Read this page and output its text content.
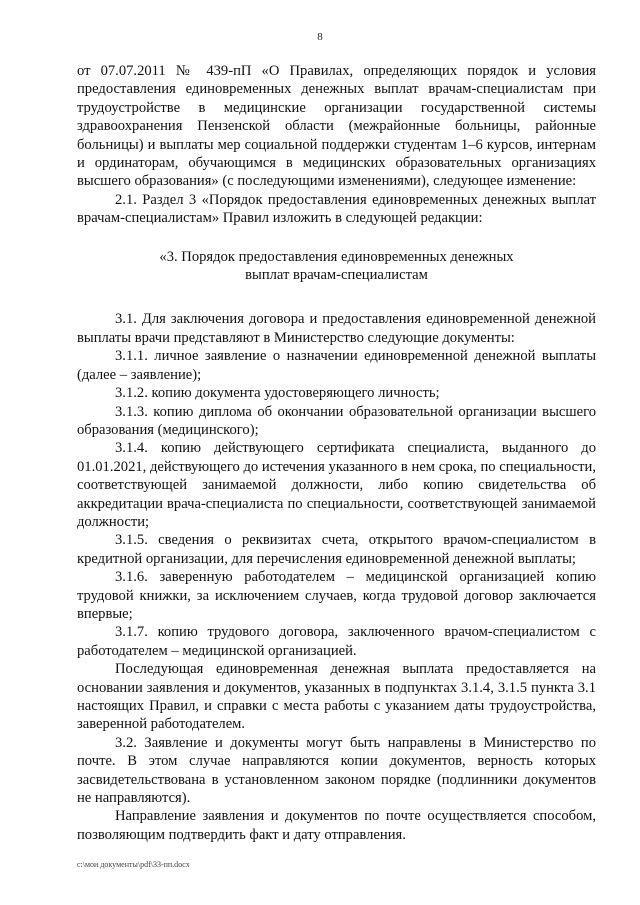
8

от 07.07.2011 № 439-пП «О Правилах, определяющих порядок и условия предоставления единовременных денежных выплат врачам-специалистам при трудоустройстве в медицинские организации государственной системы здравоохранения Пензенской области (межрайонные больницы, районные больницы) и выплаты мер социальной поддержки студентам 1–6 курсов, интернам и ординаторам, обучающимся в медицинских образовательных организациях высшего образования» (с последующими изменениями), следующее изменение:

2.1. Раздел 3 «Порядок предоставления единовременных денежных выплат врачам-специалистам» Правил изложить в следующей редакции:

«3. Порядок предоставления единовременных денежных
выплат врачам-специалистам

3.1. Для заключения договора и предоставления единовременной денежной выплаты врачи представляют в Министерство следующие документы:

3.1.1. личное заявление о назначении единовременной денежной выплаты (далее – заявление);

3.1.2. копию документа удостоверяющего личность;

3.1.3. копию диплома об окончании образовательной организации высшего образования (медицинского);

3.1.4. копию действующего сертификата специалиста, выданного до 01.01.2021, действующего до истечения указанного в нем срока, по специальности, соответствующей занимаемой должности, либо копию свидетельства об аккредитации врача-специалиста по специальности, соответствующей занимаемой должности;

3.1.5. сведения о реквизитах счета, открытого врачом-специалистом в кредитной организации, для перечисления единовременной денежной выплаты;

3.1.6. заверенную работодателем – медицинской организацией копию трудовой книжки, за исключением случаев, когда трудовой договор заключается впервые;

3.1.7. копию трудового договора, заключенного врачом-специалистом с работодателем – медицинской организацией.

Последующая единовременная денежная выплата предоставляется на основании заявления и документов, указанных в подпунктах 3.1.4, 3.1.5 пункта 3.1 настоящих Правил, и справки с места работы с указанием даты трудоустройства, заверенной работодателем.

3.2. Заявление и документы могут быть направлены в Министерство по почте. В этом случае направляются копии документов, верность которых засвидетельствована в установленном законом порядке (подлинники документов не направляются).

Направление заявления и документов по почте осуществляется способом, позволяющим подтвердить факт и дату отправления.

c:\мои документы\pdf\33-пп.docx
